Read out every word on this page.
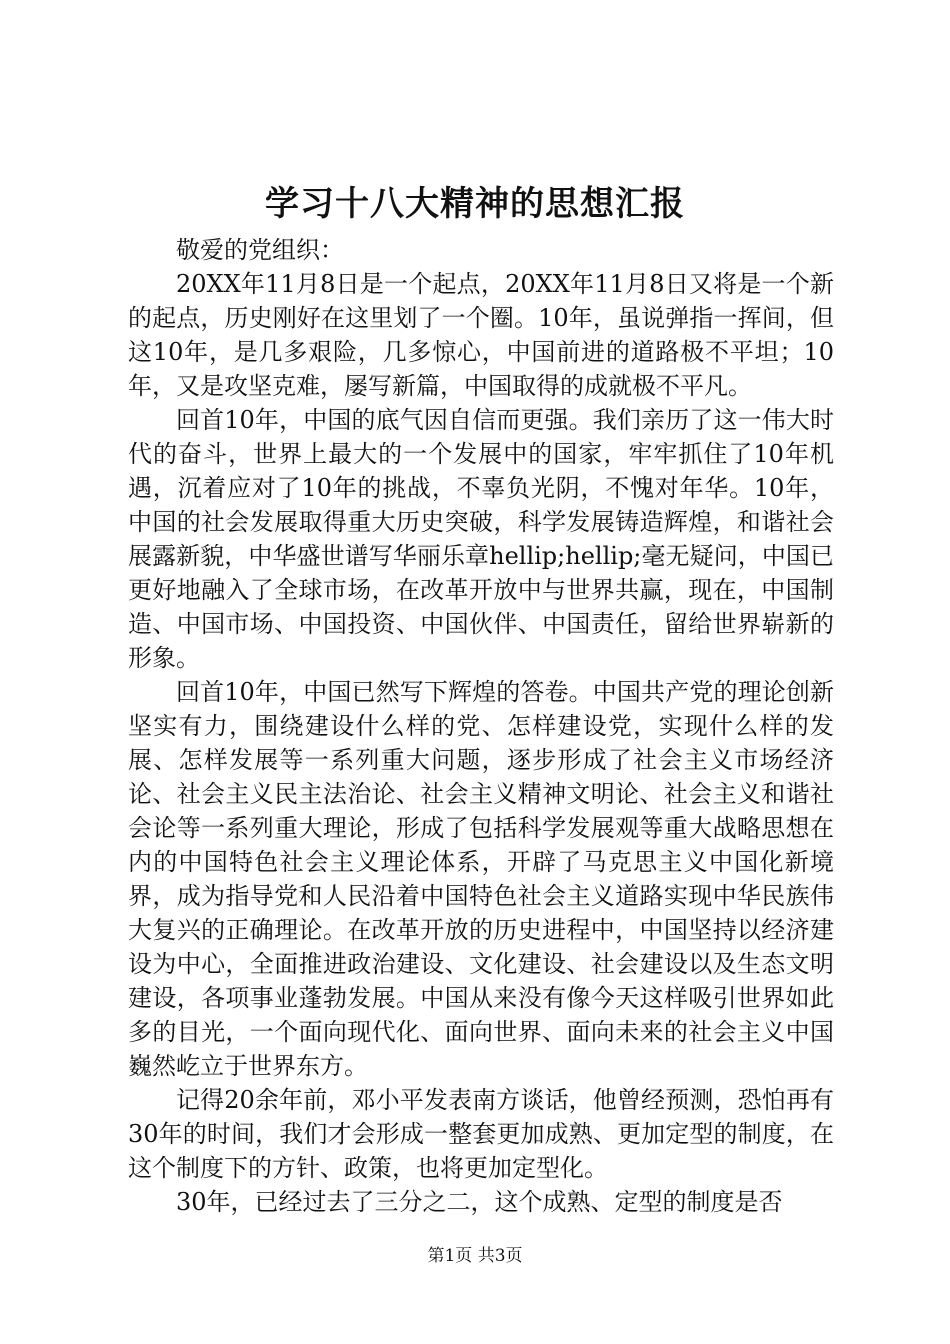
学习十八大精神的思想汇报

敬爱的党组织：

20XX年11月8日是一个起点，20XX年11月8日又将是一个新的起点，历史刚好在这里划了一个圈。10年，虽说弹指一挥间，但这10年，是几多艰险，几多惊心，中国前进的道路极不平坦；10年，又是攻坚克难，屡写新篇，中国取得的成就极不平凡。

回首10年，中国的底气因自信而更强。我们亲历了这一伟大时代的奋斗，世界上最大的一个发展中的国家，牢牢抓住了10年机遇，沉着应对了10年的挑战，不辜负光阴，不愧对年华。10年，中国的社会发展取得重大历史突破，科学发展铸造辉煌，和谐社会展露新貌，中华盛世谱写华丽乐章hellip;hellip;毫无疑问，中国已更好地融入了全球市场，在改革开放中与世界共赢，现在，中国制造、中国市场、中国投资、中国伙伴、中国责任，留给世界崭新的形象。

回首10年，中国已然写下辉煌的答卷。中国共产党的理论创新坚实有力，围绕建设什么样的党、怎样建设党，实现什么样的发展、怎样发展等一系列重大问题，逐步形成了社会主义市场经济论、社会主义民主法治论、社会主义精神文明论、社会主义和谐社会论等一系列重大理论，形成了包括科学发展观等重大战略思想在内的中国特色社会主义理论体系，开辟了马克思主义中国化新境界，成为指导党和人民沿着中国特色社会主义道路实现中华民族伟大复兴的正确理论。在改革开放的历史进程中，中国坚持以经济建设为中心，全面推进政治建设、文化建设、社会建设以及生态文明建设，各项事业蓬勃发展。中国从来没有像今天这样吸引世界如此多的目光，一个面向现代化、面向世界、面向未来的社会主义中国巍然屹立于世界东方。

记得20余年前，邓小平发表南方谈话，他曾经预测，恐怕再有30年的时间，我们才会形成一整套更加成熟、更加定型的制度，在这个制度下的方针、政策，也将更加定型化。

30年，已经过去了三分之二，这个成熟、定型的制度是否

第1页 共3页
